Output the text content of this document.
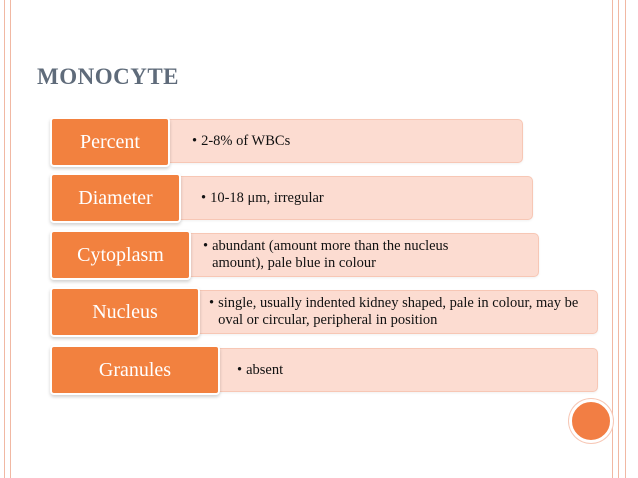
MONOCYTE
• 2-8% of WBCs
Percent
• 10-18 μm, irregular
Diameter
• abundant (amount more than the nucleus amount), pale blue in colour
Cytoplasm
• single, usually indented kidney shaped, pale in colour, may be oval or circular, peripheral in position
Nucleus
• absent
Granules
